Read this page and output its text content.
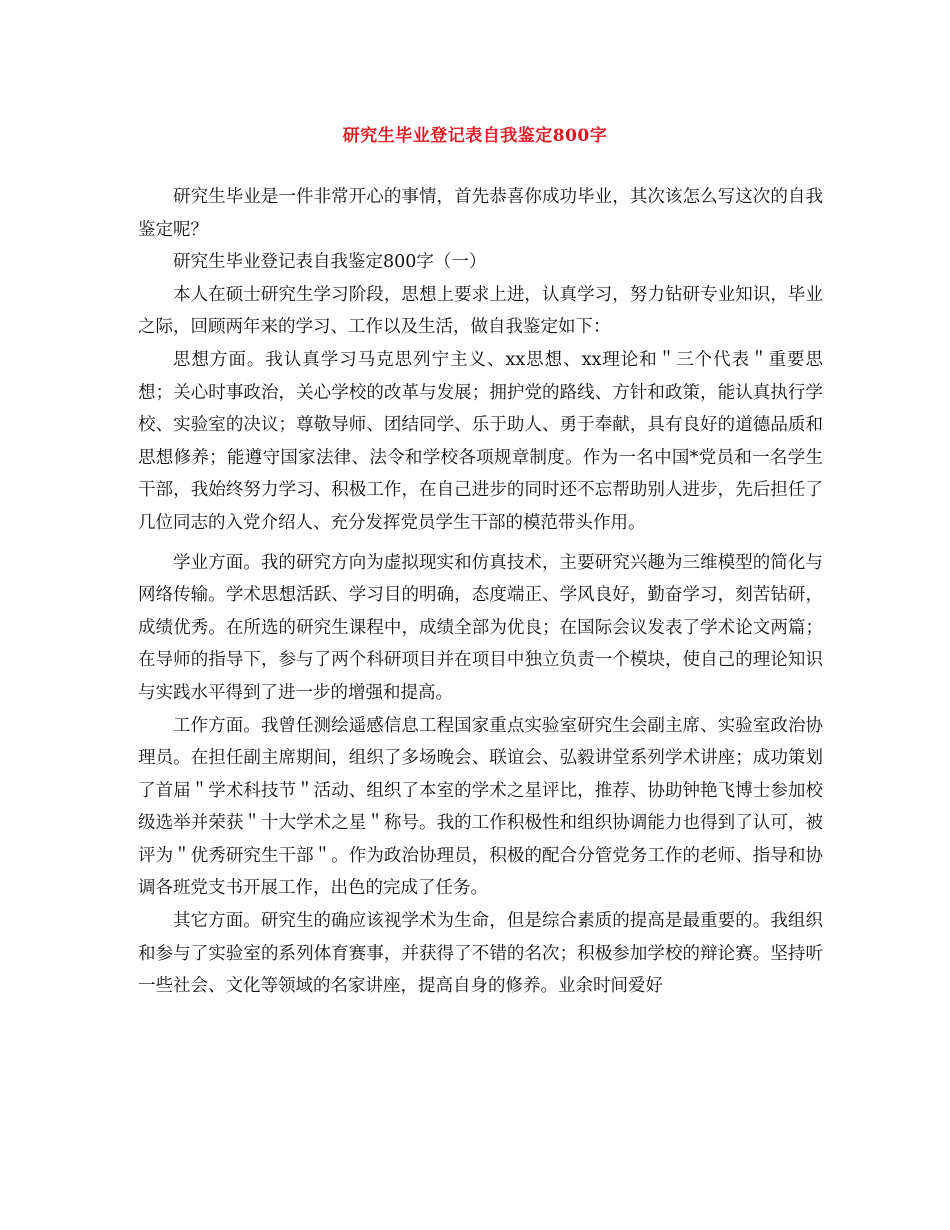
研究生毕业登记表自我鉴定800字

研究生毕业是一件非常开心的事情，首先恭喜你成功毕业，其次该怎么写这次的自我鉴定呢？

研究生毕业登记表自我鉴定800字（一）

本人在硕士研究生学习阶段，思想上要求上进，认真学习，努力钻研专业知识，毕业之际，回顾两年来的学习、工作以及生活，做自我鉴定如下：

思想方面。我认真学习马克思列宁主义、xx思想、xx理论和＂三个代表＂重要思想；关心时事政治，关心学校的改革与发展；拥护党的路线、方针和政策，能认真执行学校、实验室的决议；尊敬导师、团结同学、乐于助人、勇于奉献，具有良好的道德品质和思想修养；能遵守国家法律、法令和学校各项规章制度。作为一名中国*党员和一名学生干部，我始终努力学习、积极工作，在自己进步的同时还不忘帮助别人进步，先后担任了几位同志的入党介绍人、充分发挥党员学生干部的模范带头作用。

学业方面。我的研究方向为虚拟现实和仿真技术，主要研究兴趣为三维模型的简化与网络传输。学术思想活跃、学习目的明确，态度端正、学风良好，勤奋学习，刻苦钻研，成绩优秀。在所选的研究生课程中，成绩全部为优良；在国际会议发表了学术论文两篇；在导师的指导下，参与了两个科研项目并在项目中独立负责一个模块，使自己的理论知识与实践水平得到了进一步的增强和提高。

工作方面。我曾任测绘遥感信息工程国家重点实验室研究生会副主席、实验室政治协理员。在担任副主席期间，组织了多场晚会、联谊会、弘毅讲堂系列学术讲座；成功策划了首届＂学术科技节＂活动、组织了本室的学术之星评比，推荐、协助钟艳飞博士参加校级选举并荣获＂十大学术之星＂称号。我的工作积极性和组织协调能力也得到了认可，被评为＂优秀研究生干部＂。作为政治协理员，积极的配合分管党务工作的老师、指导和协调各班党支书开展工作，出色的完成了任务。

其它方面。研究生的确应该视学术为生命，但是综合素质的提高是最重要的。我组织和参与了实验室的系列体育赛事，并获得了不错的名次；积极参加学校的辩论赛。坚持听一些社会、文化等领域的名家讲座，提高自身的修养。业余时间爱好
